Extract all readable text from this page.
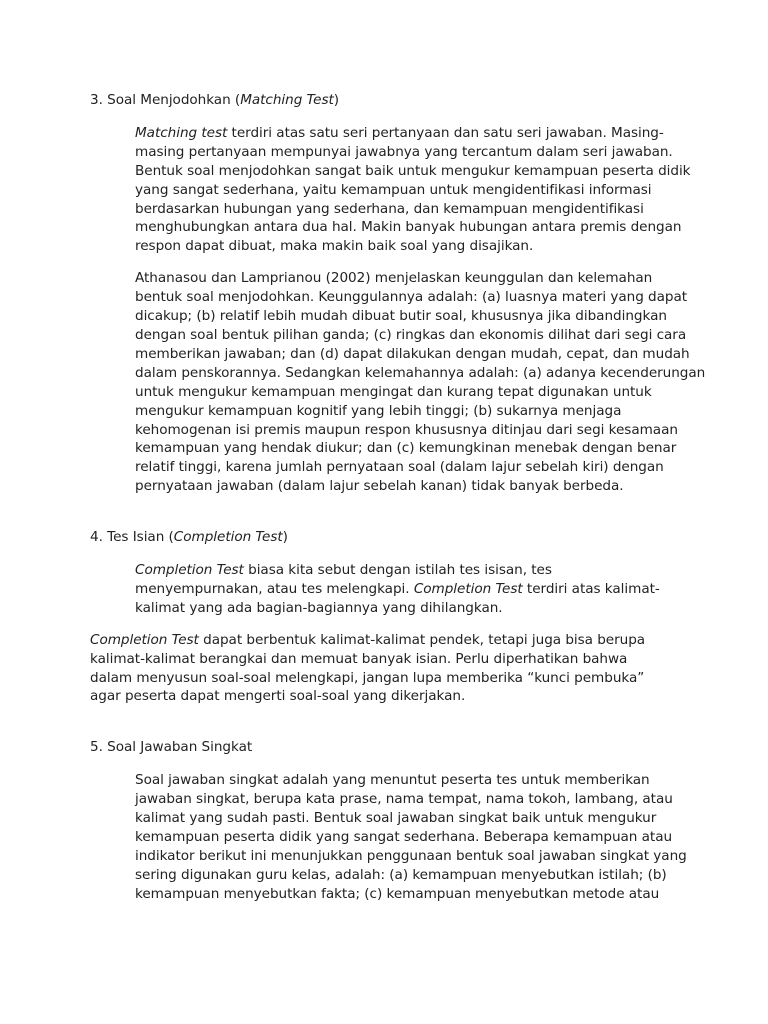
3. Soal Menjodohkan (Matching Test)

Matching test terdiri atas satu seri pertanyaan dan satu seri jawaban. Masing-
masing pertanyaan mempunyai jawabnya yang tercantum dalam seri jawaban.
Bentuk soal menjodohkan sangat baik untuk mengukur kemampuan peserta didik
yang sangat sederhana, yaitu kemampuan untuk mengidentifikasi informasi
berdasarkan hubungan yang sederhana, dan kemampuan mengidentifikasi
menghubungkan antara dua hal. Makin banyak hubungan antara premis dengan
respon dapat dibuat, maka makin baik soal yang disajikan.

Athanasou dan Lamprianou (2002) menjelaskan keunggulan dan kelemahan
bentuk soal menjodohkan. Keunggulannya adalah: (a) luasnya materi yang dapat
dicakup; (b) relatif lebih mudah dibuat butir soal, khususnya jika dibandingkan
dengan soal bentuk pilihan ganda; (c) ringkas dan ekonomis dilihat dari segi cara
memberikan jawaban; dan (d) dapat dilakukan dengan mudah, cepat, dan mudah
dalam penskorannya. Sedangkan kelemahannya adalah: (a) adanya kecenderungan
untuk mengukur kemampuan mengingat dan kurang tepat digunakan untuk
mengukur kemampuan kognitif yang lebih tinggi; (b) sukarnya menjaga
kehomogenan isi premis maupun respon khususnya ditinjau dari segi kesamaan
kemampuan yang hendak diukur; dan (c) kemungkinan menebak dengan benar
relatif tinggi, karena jumlah pernyataan soal (dalam lajur sebelah kiri) dengan
pernyataan jawaban (dalam lajur sebelah kanan) tidak banyak berbeda.

4. Tes Isian (Completion Test)

Completion Test biasa kita sebut dengan istilah tes isisan, tes
menyempurnakan, atau tes melengkapi. Completion Test terdiri atas kalimat-
kalimat yang ada bagian-bagiannya yang dihilangkan.

Completion Test dapat berbentuk kalimat-kalimat pendek, tetapi juga bisa berupa
kalimat-kalimat berangkai dan memuat banyak isian. Perlu diperhatikan bahwa
dalam menyusun soal-soal melengkapi, jangan lupa memberika “kunci pembuka”
agar peserta dapat mengerti soal-soal yang dikerjakan.

5. Soal Jawaban Singkat

Soal jawaban singkat adalah yang menuntut peserta tes untuk memberikan
jawaban singkat, berupa kata prase, nama tempat, nama tokoh, lambang, atau
kalimat yang sudah pasti. Bentuk soal jawaban singkat baik untuk mengukur
kemampuan peserta didik yang sangat sederhana. Beberapa kemampuan atau
indikator berikut ini menunjukkan penggunaan bentuk soal jawaban singkat yang
sering digunakan guru kelas, adalah: (a) kemampuan menyebutkan istilah; (b)
kemampuan menyebutkan fakta; (c) kemampuan menyebutkan metode atau
